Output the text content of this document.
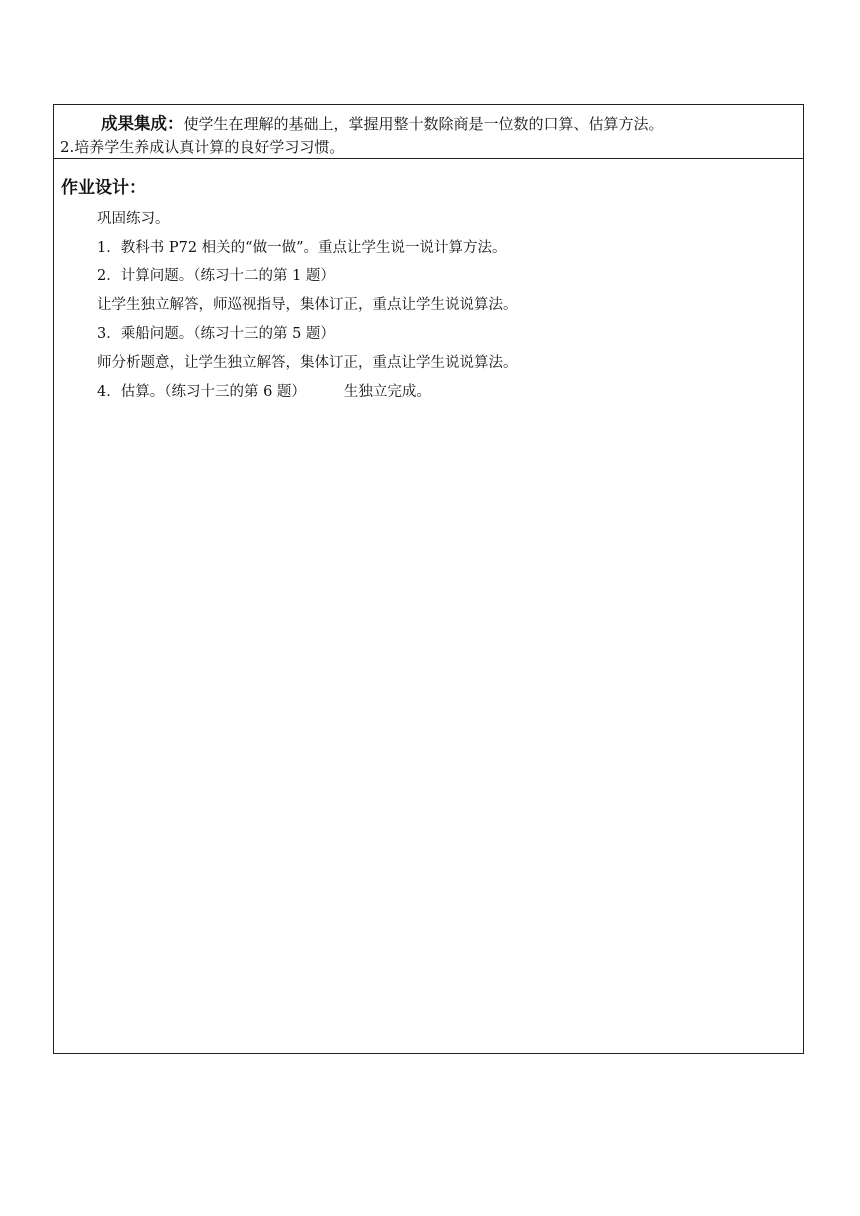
成果集成：使学生在理解的基础上，掌握用整十数除商是一位数的口算、估算方法。
2.培养学生养成认真计算的良好学习习惯。
作业设计：
巩固练习。
1．教科书 P72 相关的“做一做”。重点让学生说一说计算方法。
2．计算问题。（练习十二的第 1 题）
让学生独立解答，师巡视指导，集体订正，重点让学生说说算法。
3．乘船问题。（练习十三的第 5 题）
师分析题意，让学生独立解答，集体订正，重点让学生说说算法。
4．估算。（练习十三的第 6 题）	生独立完成。
